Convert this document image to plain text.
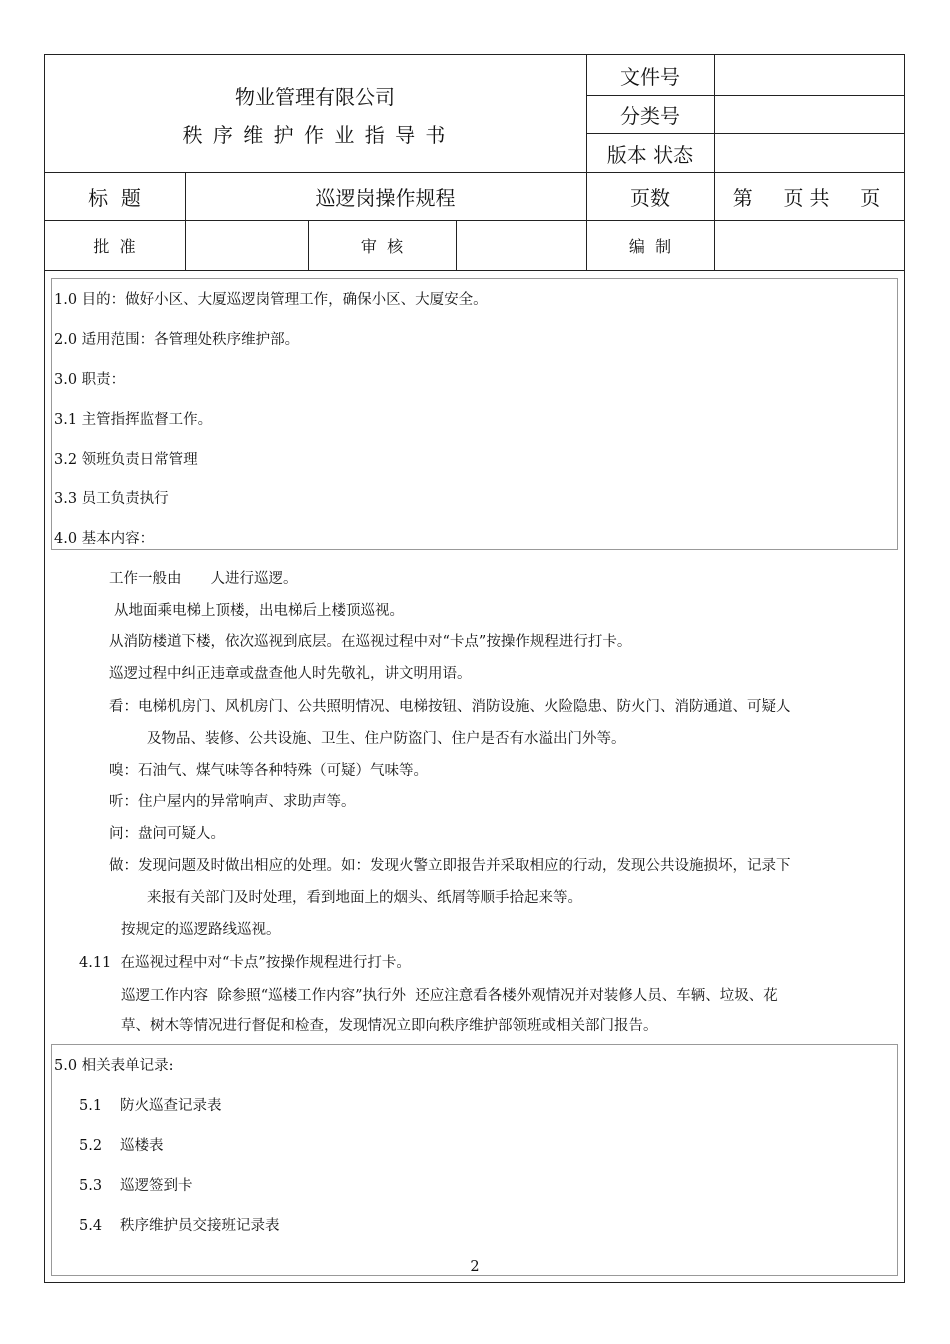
物业管理有限公司
秩 序 维 护 作 业 指 导 书
文件号
分类号
版本 状态
标  题	巡逻岗操作规程	页数	第  页共  页
批  准	审  核	编  制
1.0 目的：做好小区、大厦巡逻岗管理工作，确保小区、大厦安全。
2.0 适用范围：各管理处秩序维护部。
3.0 职责：
3.1 主管指挥监督工作。
3.2 领班负责日常管理
3.3 员工负责执行
4.0 基本内容：
工作一般由　　人进行巡逻。
从地面乘电梯上顶楼，出电梯后上楼顶巡视。
从消防楼道下楼，依次巡视到底层。在巡视过程中对“卡点”按操作规程进行打卡。
巡逻过程中纠正违章或盘查他人时先敬礼，讲文明用语。
看：电梯机房门、风机房门、公共照明情况、电梯按钮、消防设施、火险隐患、防火门、消防通道、可疑人
及物品、装修、公共设施、卫生、住户防盗门、住户是否有水溢出门外等。
嗅：石油气、煤气味等各种特殊（可疑）气味等。
听：住户屋内的异常响声、求助声等。
问：盘问可疑人。
做：发现问题及时做出相应的处理。如：发现火警立即报告并采取相应的行动，发现公共设施损坏，记录下
来报有关部门及时处理，看到地面上的烟头、纸屑等顺手拾起来等。
按规定的巡逻路线巡视。
4.11  在巡视过程中对“卡点”按操作规程进行打卡。
巡逻工作内容  除参照“巡楼工作内容”执行外  还应注意看各楼外观情况并对装修人员、车辆、垃圾、花
草、树木等情况进行督促和检查，发现情况立即向秩序维护部领班或相关部门报告。
5.0 相关表单记录:
5.1 防火巡查记录表
5.2 巡楼表
5.3 巡逻签到卡
5.4 秩序维护员交接班记录表
2
